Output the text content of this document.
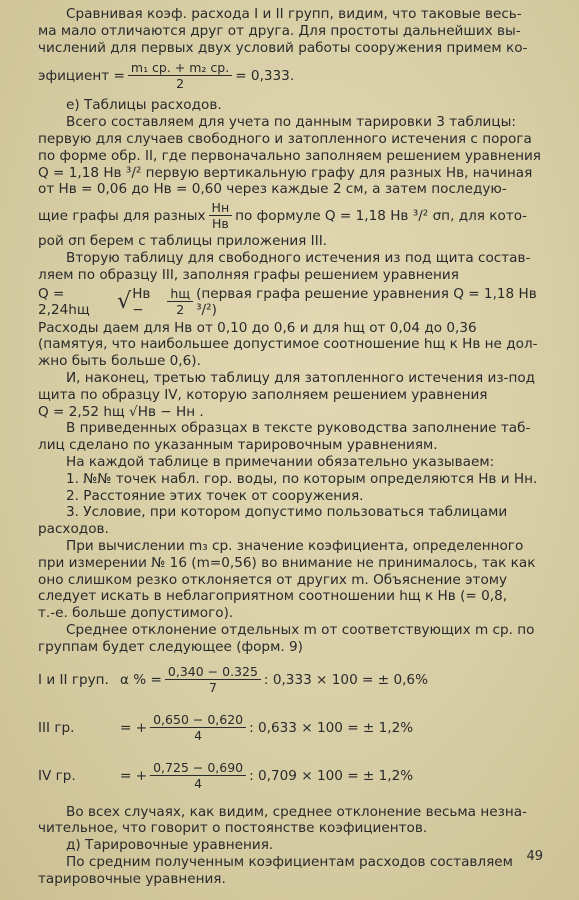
Сравнивая коэф. расхода I и II групп, видим, что таковые весь-

ма мало отличаются друг от друга. Для простоты дальнейших вы-

числений для первых двух условий работы сооружения примем ко-

эфициент = $\frac{\text{m₁ ср. + m₂ ср.}}{2} = 0,333$.

e) Таблицы расходов.

Всего составляем для учета по данным тарировки 3 таблицы:

первую для случаев свободного и затопленного истечения с порога

по форме обр. II, где первоначально заполняем решением уравнения

Q = 1,18 Hв ³/² первую вертикальную графу для разных Hв, начиная

от Hв = 0,06 до Hв = 0,60 через каждые 2 см, а затем последую-

щие графы для разных $\frac{Hн}{Hв}$ по формуле Q = 1,18 Hв ³/² σп, для кото-

рой σп берем с таблицы приложения III.

Вторую таблицу для свободного истечения из под щита состав-

ляем по образцу III, заполняя графы решением уравнения

Q = 2,24hщ	√ Hв −	$\frac{hщ}{2}$ (первая графа решение уравнения Q = 1,18 Hв ³/²)

Расходы даем для Hв от 0,10 до 0,6 и для hщ от 0,04 до 0,36

(памятуя, что наибольшее допустимое соотношение hщ к Hв не дол-

жно быть больше 0,6).

И, наконец, третью таблицу для затопленного истечения из-под

щита по образцу IV, которую заполняем решением уравнения

Q = 2,52 hщ √Hв − Hн .

В приведенных образцах в тексте руководства заполнение таб-

лиц сделано по указанным тарировочным уравнениям.

На каждой таблице в примечании обязательно указываем:

1. №№ точек набл. гор. воды, по которым определяются Hв и Hн.

2. Расстояние этих точек от сооружения.

3. Условие, при котором допустимо пользоваться таблицами

расходов.

При вычислении m₃ ср. значение коэфициента, определенного

при измерении № 16 (m=0,56) во внимание не принималось, так как

оно слишком резко отклоняется от других m. Объяснение этому

следует искать в неблагоприятном соотношении hщ к Hв (= 0,8,

т.-е. больше допустимого).

Среднее отклонение отдельных m от соответствующих m ср. по

группам будет следующее (форм. 9)

I и II груп. α % = $\frac{0,340 - 0.325}{7}$ : 0,333 × 100 = ± 0,6%
III гр.	= + $\frac{0,650 - 0,620}{4}$ : 0,633 × 100 = ± 1,2%
IV гр.	= + $\frac{0,725 - 0,690}{4}$ : 0,709 × 100 = ± 1,2%

Во всех случаях, как видим, среднее отклонение весьма незна-

чительное, что говорит о постоянстве коэфициентов.

д) Тарировочные уравнения.

По средним полученным коэфициентам расходов составляем

тарировочные уравнения.

49
